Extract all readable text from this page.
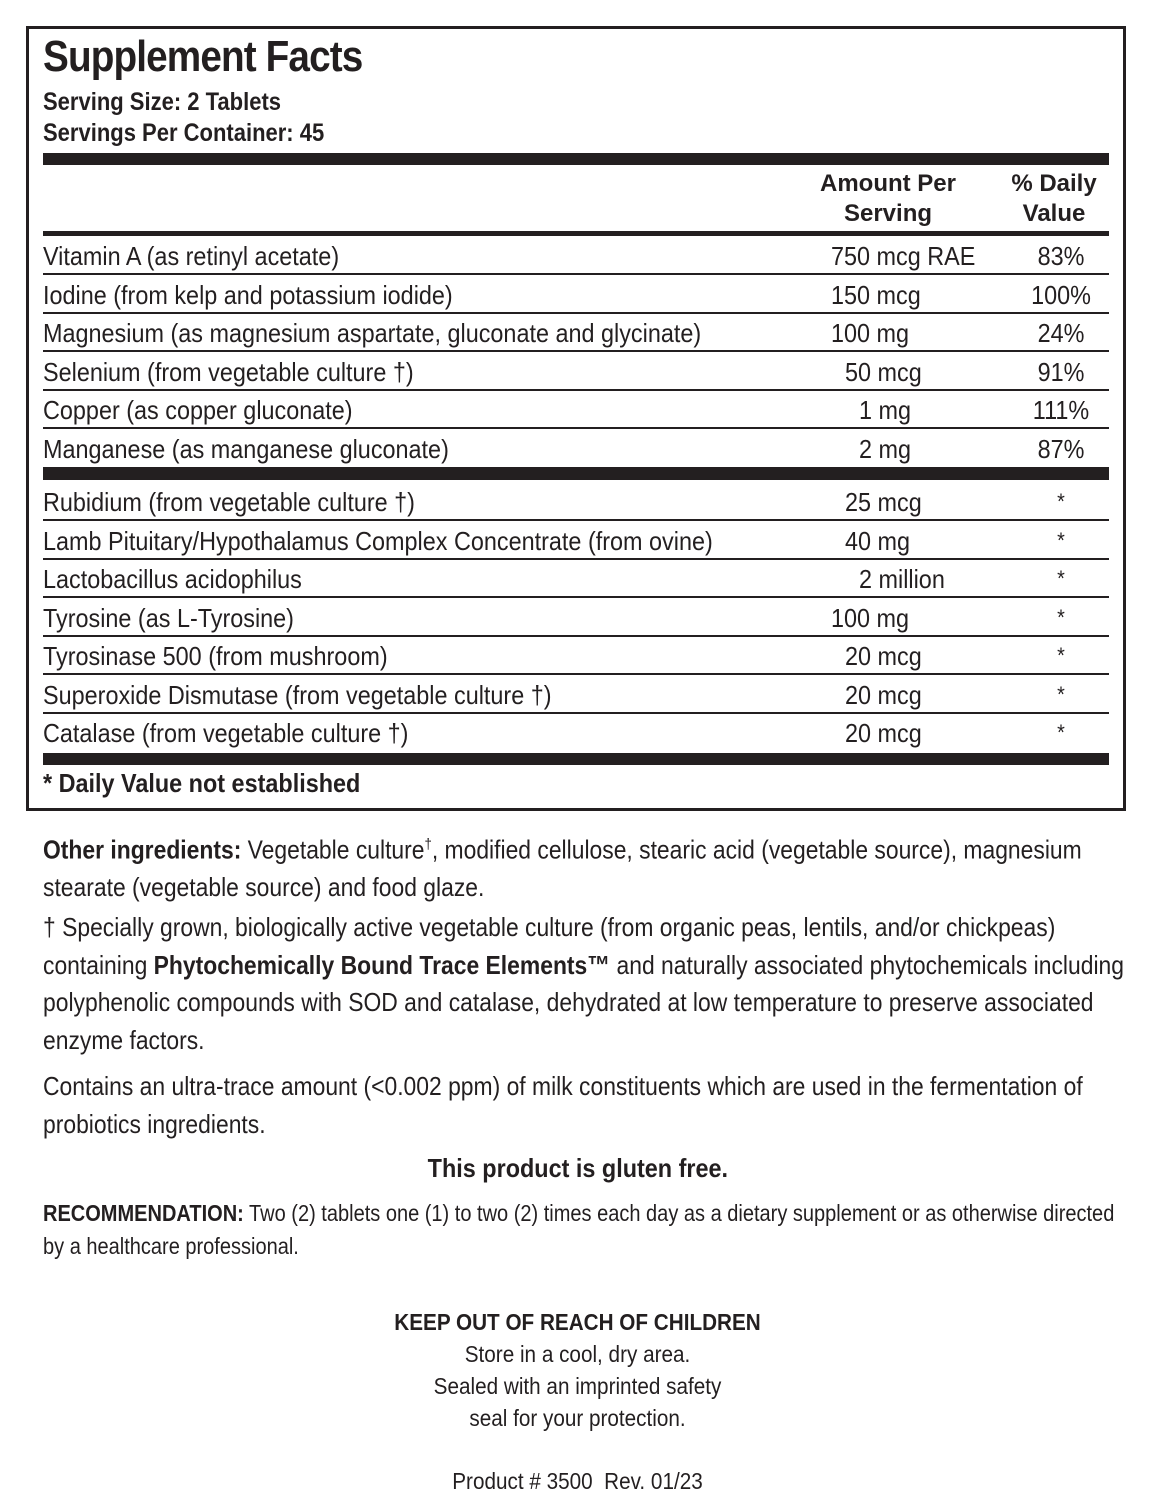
Supplement Facts
Serving Size: 2 Tablets
Servings Per Container: 45
Amount Per
Serving
% Daily
Value
Vitamin A (as retinyl acetate)	750 mcg RAE	83%
Iodine (from kelp and potassium iodide)	150 mcg	100%
Magnesium (as magnesium aspartate, gluconate and glycinate)	100 mg	24%
Selenium (from vegetable culture †)	50 mcg	91%
Copper (as copper gluconate)	1 mg	111%
Manganese (as manganese gluconate)	2 mg	87%
Rubidium (from vegetable culture †)	25 mcg	*
Lamb Pituitary/Hypothalamus Complex Concentrate (from ovine)	40 mg	*
Lactobacillus acidophilus	2 million	*
Tyrosine (as L-Tyrosine)	100 mg	*
Tyrosinase 500 (from mushroom)	20 mcg	*
Superoxide Dismutase (from vegetable culture †)	20 mcg	*
Catalase (from vegetable culture †)	20 mcg	*
* Daily Value not established

Other ingredients: Vegetable culture†, modified cellulose, stearic acid (vegetable source), magnesium stearate (vegetable source) and food glaze.

† Specially grown, biologically active vegetable culture (from organic peas, lentils, and/or chickpeas) containing Phytochemically Bound Trace Elements™ and naturally associated phytochemicals including polyphenolic compounds with SOD and catalase, dehydrated at low temperature to preserve associated enzyme factors.

Contains an ultra-trace amount (<0.002 ppm) of milk constituents which are used in the fermentation of probiotics ingredients.

This product is gluten free.

RECOMMENDATION: Two (2) tablets one (1) to two (2) times each day as a dietary supplement or as otherwise directed by a healthcare professional.

KEEP OUT OF REACH OF CHILDREN
Store in a cool, dry area.
Sealed with an imprinted safety
seal for your protection.
Product # 3500  Rev. 01/23
